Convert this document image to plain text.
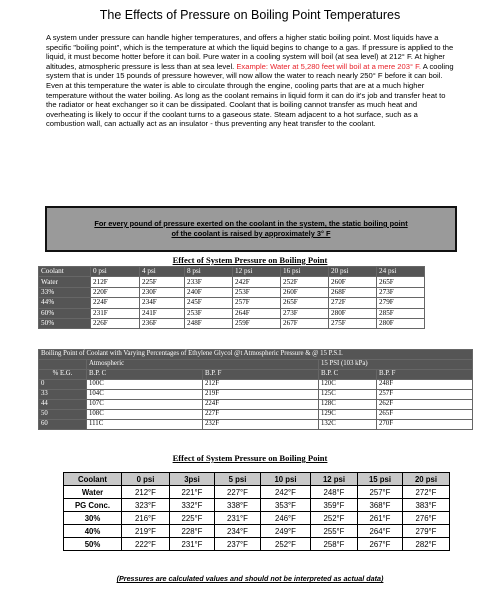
The Effects of Pressure on Boiling Point Temperatures
A system under pressure can handle higher temperatures, and offers a higher static boiling point. Most liquids have a specific "boiling point", which is the temperature at which the liquid begins to change to a gas. If pressure is applied to the liquid, it must become hotter before it can boil. Pure water in a cooling system will boil (at sea level) at 212° F. At higher altitudes, atmospheric pressure is less than at sea level. Example: Water at 5,280 feet will boil at a mere 203° F. A cooling system that is under 15 pounds of pressure however, will now allow the water to reach nearly 250° F before it can boil. Even at this temperature the water is able to circulate through the engine, cooling parts that are at a much higher temperature without the water boiling. As long as the coolant remains in liquid form it can do it's job and transfer heat to the radiator or heat exchanger so it can be dissipated. Coolant that is boiling cannot transfer as much heat and overheating is likely to occur if the coolant turns to a gaseous state. Steam adjacent to a hot surface, such as a combustion wall, can actually act as an insulator - thus preventing any heat transfer to the coolant.
For every pound of pressure exerted on the coolant in the system, the static boiling point
of the coolant is raised by approximately 3° F
Effect of System Pressure on Boiling Point
Coolant	0 psi	4 psi	8 psi	12 psi	16 psi	20 psi	24 psi
Water	212F	225F	233F	242F	252F	260F	265F
33%	220F	230F	240F	253F	260F	268F	273F
44%	224F	234F	245F	257F	265F	272F	279F
60%	231F	241F	253F	264F	273F	280F	285F
50%	226F	236F	248F	259F	267F	275F	280F
Boiling Point of Coolant with Varying Percentages of Ethylene Glycol @t Atmospheric Pressure & @ 15 P.S.I.				
	Atmospheric		15 PSI (103 kPa)	
% E.G.	B.P. C	B.P. F	B.P. C	B.P. F
0	100C	212F	120C	248F
33	104C	219F	125C	257F
44	107C	224F	128C	262F
50	108C	227F	129C	265F
60	111C	232F	132C	270F
Effect of System Pressure on Boiling Point
Coolant	0 psi	3psi	5 psi	10 psi	12 psi	15 psi	20 psi
Water	212°F	221°F	227°F	242°F	248°F	257°F	272°F
PG Conc.	323°F	332°F	338°F	353°F	359°F	368°F	383°F
30%	216°F	225°F	231°F	246°F	252°F	261°F	276°F
40%	219°F	228°F	234°F	249°F	255°F	264°F	279°F
50%	222°F	231°F	237°F	252°F	258°F	267°F	282°F
(Pressures are calculated values and should not be interpreted as actual data)
